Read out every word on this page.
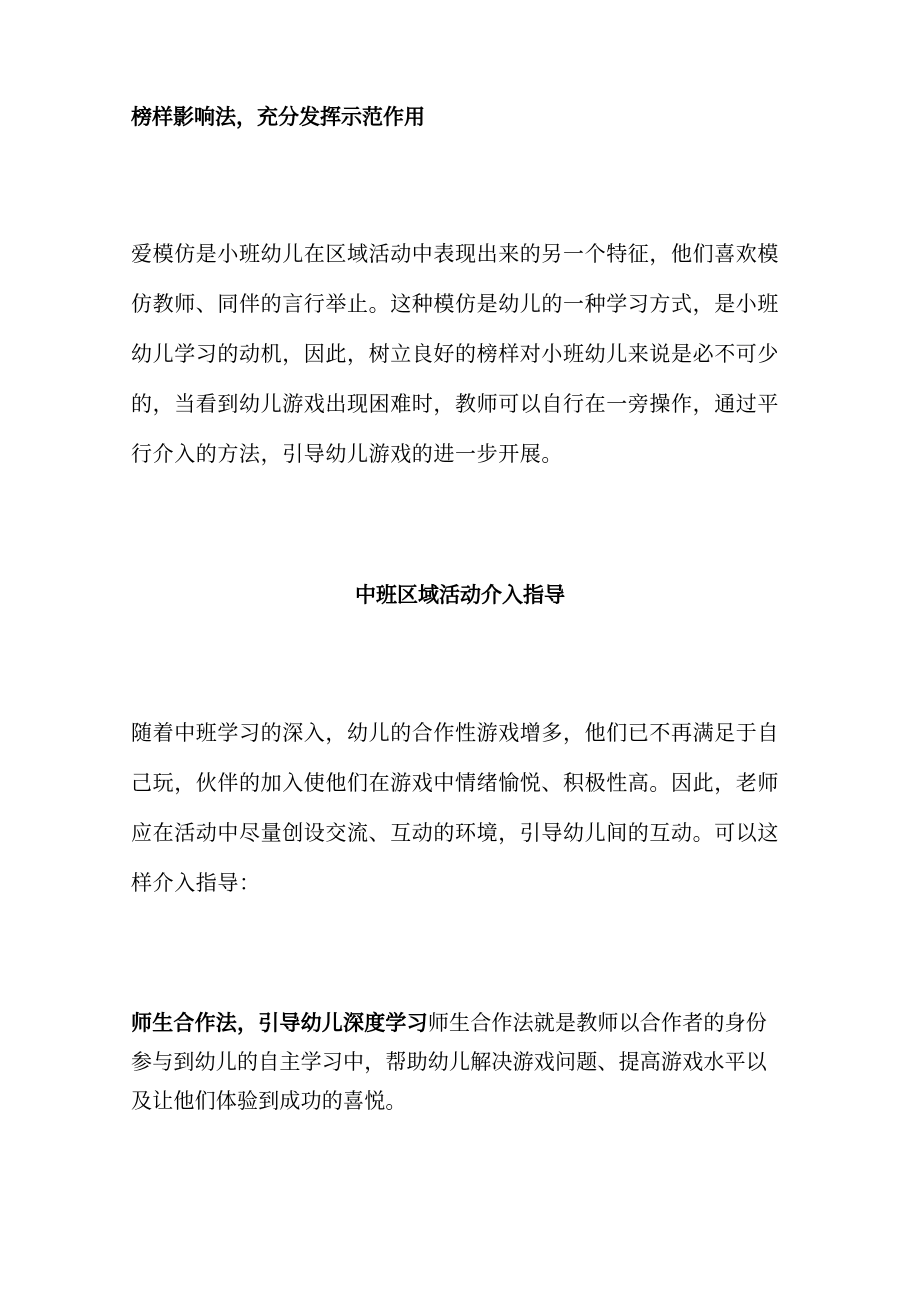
榜样影响法，充分发挥示范作用
爱模仿是小班幼儿在区域活动中表现出来的另一个特征，他们喜欢模
仿教师、同伴的言行举止。这种模仿是幼儿的一种学习方式，是小班
幼儿学习的动机，因此，树立良好的榜样对小班幼儿来说是必不可少
的，当看到幼儿游戏出现困难时，教师可以自行在一旁操作，通过平
行介入的方法，引导幼儿游戏的进一步开展。
中班区域活动介入指导
随着中班学习的深入，幼儿的合作性游戏增多，他们已不再满足于自
己玩，伙伴的加入使他们在游戏中情绪愉悦、积极性高。因此，老师
应在活动中尽量创设交流、互动的环境，引导幼儿间的互动。可以这
样介入指导：
师生合作法，引导幼儿深度学习师生合作法就是教师以合作者的身份
参与到幼儿的自主学习中，帮助幼儿解决游戏问题、提高游戏水平以
及让他们体验到成功的喜悦。
